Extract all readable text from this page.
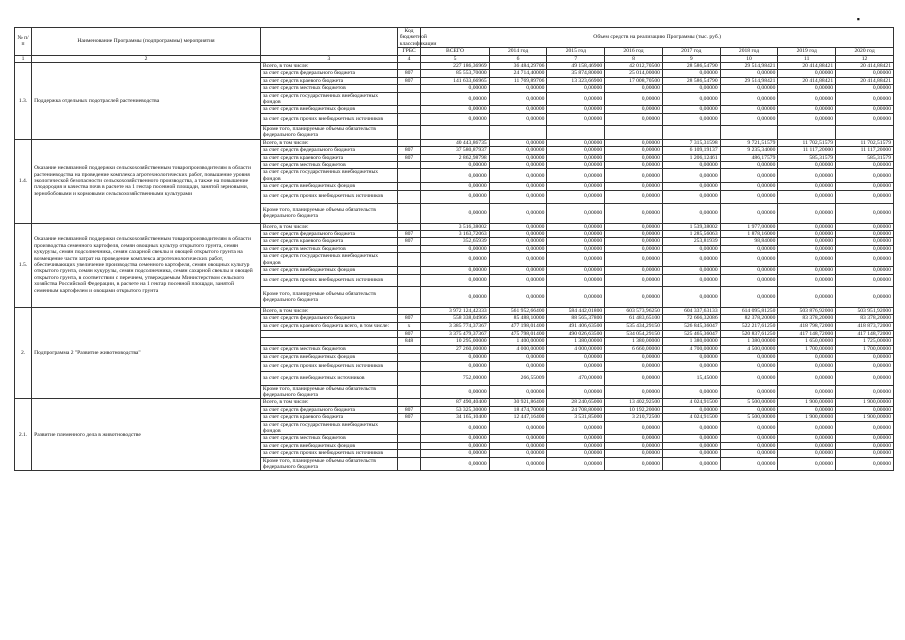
▪
№ п/п	Наименование Программы (подпрограммы) мероприятия		Код бюджетной классификации	Объем средств на реализацию Программы (тыс. руб.)							
			ГРБС	ВСЕГО	2014 год	2015 год	2016 год	2017 год	2018 год	2019 год	2020 год
1	2	3	4	5	6	7	8	9	10	11	12
1.3.	Поддержка отдельных подотраслей растениеводства	Всего, в том числе:		227 186,36969	36 484,29706	49 158,46900	42 012,70500	28 586,54790	29 514,98421	20 414,88421	20 414,88421
		за счет средств федерального бюджета	807	85 553,70000	24 714,40000	35 874,80000	25 014,00000	0,00000	0,00000	0,00000	0,00000
		за счет средств краевого бюджета	807	141 633,66965	11 769,89706	13 323,66900	17 008,70500	28 586,54790	29 514,98421	20 414,88421	20 414,88421
		за счет средств местных бюджетов		0,00000	0,00000	0,00000	0,00000	0,00000	0,00000	0,00000	0,00000
		за счет средств государственных внебюджетных фондов		0,00000	0,00000	0,00000	0,00000	0,00000	0,00000	0,00000	0,00000
		за счет средств внебюджетных фондов		0,00000	0,00000	0,00000	0,00000	0,00000	0,00000	0,00000	0,00000
		за счет средств прочих внебюджетных источников		0,00000	0,00000	0,00000	0,00000	0,00000	0,00000	0,00000	0,00000
		Кроме того, планируемые объемы обязательств федерального бюджета									
1.4.	Оказание несвязанной поддержки сельскохозяйственным товаропроизводителям в области растениеводства на проведение комплекса агротехнологических работ, повышение уровня экологической безопасности сельскохозяйственного производства, а также на повышение плодородия и качества почв в расчете на 1 гектар посевной площади, занятой зерновыми, зернобобовыми и кормовыми сельскохозяйственными культурами	Всего, в том числе:		40 443,86735	0,00000	0,00000	0,00000	7 315,31598	9 721,51579	11 702,51579	11 702,51579
		за счет средств федерального бюджета	807	37 580,87937	0,00000	0,00000	0,00000	6 109,19137	9 235,34000	11 117,20000	11 117,20000
		за счет средств краевого бюджета	807	2 862,98798	0,00000	0,00000	0,00000	1 206,12461	486,17579	585,31579	585,31579
		за счет средств местных бюджетов		0,00000	0,00000	0,00000	0,00000	0,00000	0,00000	0,00000	0,00000
		за счет средств государственных внебюджетных фондов		0,00000	0,00000	0,00000	0,00000	0,00000	0,00000	0,00000	0,00000
		за счет средств внебюджетных фондов		0,00000	0,00000	0,00000	0,00000	0,00000	0,00000	0,00000	0,00000
		за счет средств прочих внебюджетных источников		0,00000	0,00000	0,00000	0,00000	0,00000	0,00000	0,00000	0,00000
		Кроме того, планируемые объемы обязательств федерального бюджета		0,00000	0,00000	0,00000	0,00000	0,00000	0,00000	0,00000	0,00000
1.5.	Оказание несвязанной поддержки сельскохозяйственным товаропроизводителям в области производства семенного картофеля, семян овощных культур открытого грунта, семян кукурузы, семян подсолнечника, семян сахарной свеклы и овощей открытого грунта на возмещение части затрат на проведение комплекса агротехнологических работ, обеспечивающих увеличение производства семенного картофеля, семян овощных культур открытого грунта, семян кукурузы, семян подсолнечника, семян сахарной свеклы и овощей открытого грунта, в соответствии с перечнем, утверждаемым Министерством сельского хозяйства Российской Федерации, в расчете на 1 гектар посевной площади, занятой семенным картофелем и овощами открытого грунта	Всего, в том числе:		3 516,38002	0,00000	0,00000	0,00000	1 539,38002	1 977,00000	0,00000	0,00000
		за счет средств федерального бюджета	807	3 163,72063	0,00000	0,00000	0,00000	1 285,56063	1 878,16000	0,00000	0,00000
		за счет средств краевого бюджета	807	352,65939	0,00000	0,00000	0,00000	253,81939	98,84000	0,00000	0,00000
		за счет средств местных бюджетов		0,00000	0,00000	0,00000	0,00000	0,00000	0,00000	0,00000	0,00000
		за счет средств государственных внебюджетных фондов		0,00000	0,00000	0,00000	0,00000	0,00000	0,00000	0,00000	0,00000
		за счет средств внебюджетных фондов		0,00000	0,00000	0,00000	0,00000	0,00000	0,00000	0,00000	0,00000
		за счет средств прочих внебюджетных источников		0,00000	0,00000	0,00000	0,00000	0,00000	0,00000	0,00000	0,00000
		Кроме того, планируемые объемы обязательств федерального бюджета		0,00000	0,00000	0,00000	0,00000	0,00000	0,00000	0,00000	0,00000
2.	Подпрограмма 2 "Развитие животноводства"	Всего, в том числе:		3 972 124,42333	561 952,66400	584 442,01800	603 573,96250	604 337,63133	614 095,81250	503 876,92000	503 951,92000
		за счет средств федерального бюджета	807	558 338,04966	85 488,10000	88 565,37800	61 483,65100	72 666,32086	82 378,20000	83 378,20000	83 378,20000
		за счет средств краевого бюджета всего, в том числе:	x	3 385 774,37367	477 198,01400	491 406,63500	535 434,29150	526 845,36047	522 217,61250	418 798,72000	418 873,72000
			807	3 375 479,37367	475 798,01400	490 026,63500	534 054,29150	525 465,36047	520 837,61250	417 148,72000	417 148,72000
			848	10 295,00000	1 400,00000	1 380,00000	1 380,00000	1 380,00000	1 380,00000	1 650,00000	1 725,00000
		за счет средств местных бюджетов		27 260,00000	4 000,00000	4 000,00000	6 660,00000	4 700,00000	4 500,00000	1 700,00000	1 700,00000
		за счет средств внебюджетных фондов		0,00000	0,00000	0,00000	0,00000	0,00000	0,00000	0,00000	0,00000
		за счет средств прочих внебюджетных источников		0,00000	0,00000	0,00000	0,00000	0,00000	0,00000	0,00000	0,00000
		за счет средств внебюджетных источников		752,00000	266,55009	470,00000	0,00000	15,45000	0,00000	0,00000	0,00000
		Кроме того, планируемые объемы обязательств федерального бюджета		0,00000	0,00000	0,00000	0,00000	0,00000	0,00000	0,00000	0,00000
2.1.	Развитие племенного дела в животноводстве	Всего, в том числе:		87 490,40400	30 921,86400	28 240,65000	13 402,92500	4 024,91500	5 500,00000	1 900,00000	1 900,00000
		за счет средств федерального бюджета	807	53 325,30000	18 474,70000	24 708,80000	10 192,20000	0,00000	0,00000	0,00000	0,00000
		за счет средств краевого бюджета	807	34 165,10400	12 447,16400	3 531,85000	3 210,72500	4 024,91500	5 500,00000	1 900,00000	1 900,00000
		за счет средств государственных внебюджетных фондов		0,00000	0,00000	0,00000	0,00000	0,00000	0,00000	0,00000	0,00000
		за счет средств местных бюджетов		0,00000	0,00000	0,00000	0,00000	0,00000	0,00000	0,00000	0,00000
		за счет средств внебюджетных фондов		0,00000	0,00000	0,00000	0,00000	0,00000	0,00000	0,00000	0,00000
		за счет средств прочих внебюджетных источников		0,00000	0,00000	0,00000	0,00000	0,00000	0,00000	0,00000	0,00000
		Кроме того, планируемые объемы обязательств федерального бюджета		0,00000	0,00000	0,00000	0,00000	0,00000	0,00000	0,00000	0,00000
